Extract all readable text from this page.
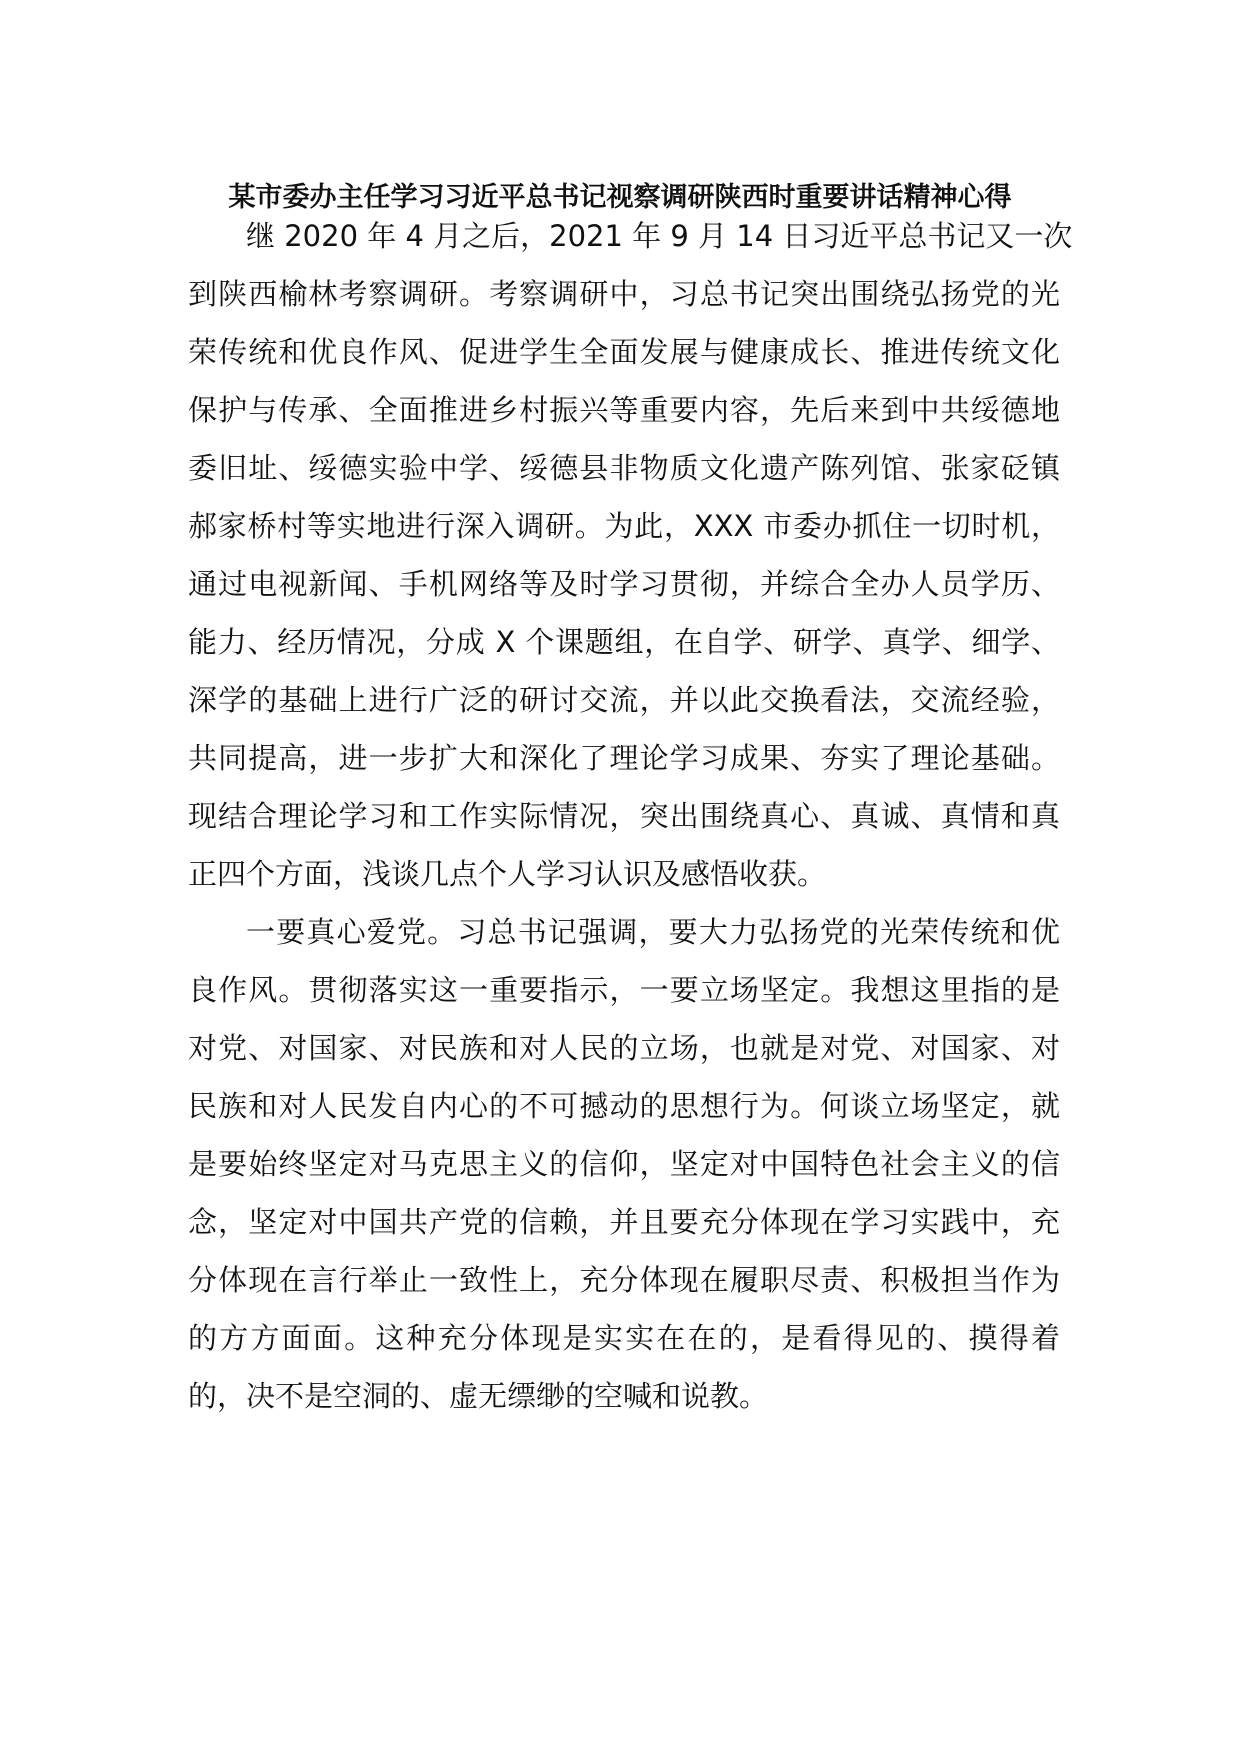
某市委办主任学习习近平总书记视察调研陕西时重要讲话精神心得

继 2020 年 4 月之后，2021 年 9 月 14 日习近平总书记又一次

到陕西榆林考察调研。考察调研中，习总书记突出围绕弘扬党的光

荣传统和优良作风、促进学生全面发展与健康成长、推进传统文化

保护与传承、全面推进乡村振兴等重要内容，先后来到中共绥德地

委旧址、绥德实验中学、绥德县非物质文化遗产陈列馆、张家砭镇

郝家桥村等实地进行深入调研。为此，XXX 市委办抓住一切时机，

通过电视新闻、手机网络等及时学习贯彻，并综合全办人员学历、

能力、经历情况，分成 X 个课题组，在自学、研学、真学、细学、

深学的基础上进行广泛的研讨交流，并以此交换看法，交流经验，

共同提高，进一步扩大和深化了理论学习成果、夯实了理论基础。

现结合理论学习和工作实际情况，突出围绕真心、真诚、真情和真

正四个方面，浅谈几点个人学习认识及感悟收获。

一要真心爱党。习总书记强调，要大力弘扬党的光荣传统和优

良作风。贯彻落实这一重要指示，一要立场坚定。我想这里指的是

对党、对国家、对民族和对人民的立场，也就是对党、对国家、对

民族和对人民发自内心的不可撼动的思想行为。何谈立场坚定，就

是要始终坚定对马克思主义的信仰，坚定对中国特色社会主义的信

念，坚定对中国共产党的信赖，并且要充分体现在学习实践中，充

分体现在言行举止一致性上，充分体现在履职尽责、积极担当作为

的方方面面。这种充分体现是实实在在的，是看得见的、摸得着

的，决不是空洞的、虚无缥缈的空喊和说教。
